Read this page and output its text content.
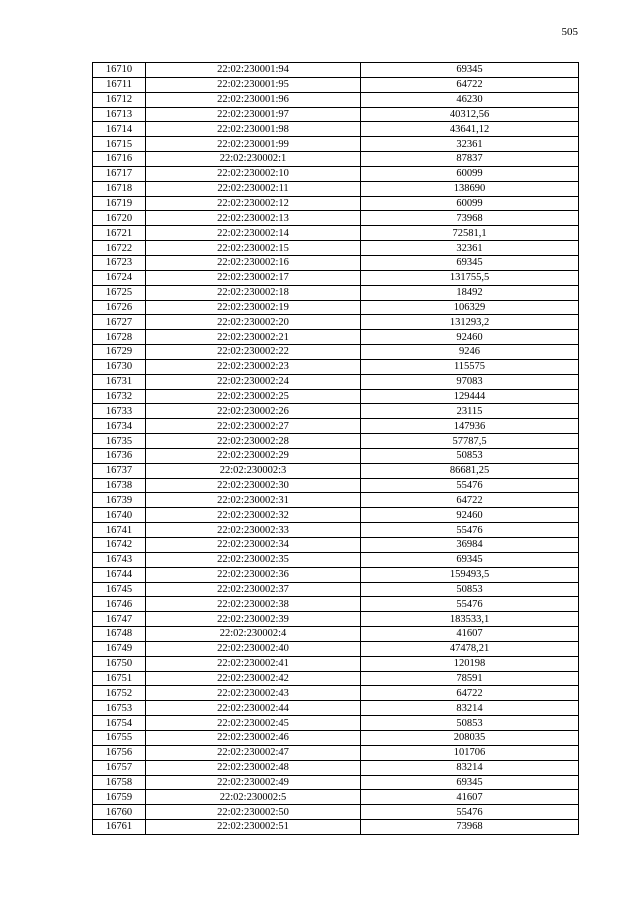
505
16710	22:02:230001:94	69345
16711	22:02:230001:95	64722
16712	22:02:230001:96	46230
16713	22:02:230001:97	40312,56
16714	22:02:230001:98	43641,12
16715	22:02:230001:99	32361
16716	22:02:230002:1	87837
16717	22:02:230002:10	60099
16718	22:02:230002:11	138690
16719	22:02:230002:12	60099
16720	22:02:230002:13	73968
16721	22:02:230002:14	72581,1
16722	22:02:230002:15	32361
16723	22:02:230002:16	69345
16724	22:02:230002:17	131755,5
16725	22:02:230002:18	18492
16726	22:02:230002:19	106329
16727	22:02:230002:20	131293,2
16728	22:02:230002:21	92460
16729	22:02:230002:22	9246
16730	22:02:230002:23	115575
16731	22:02:230002:24	97083
16732	22:02:230002:25	129444
16733	22:02:230002:26	23115
16734	22:02:230002:27	147936
16735	22:02:230002:28	57787,5
16736	22:02:230002:29	50853
16737	22:02:230002:3	86681,25
16738	22:02:230002:30	55476
16739	22:02:230002:31	64722
16740	22:02:230002:32	92460
16741	22:02:230002:33	55476
16742	22:02:230002:34	36984
16743	22:02:230002:35	69345
16744	22:02:230002:36	159493,5
16745	22:02:230002:37	50853
16746	22:02:230002:38	55476
16747	22:02:230002:39	183533,1
16748	22:02:230002:4	41607
16749	22:02:230002:40	47478,21
16750	22:02:230002:41	120198
16751	22:02:230002:42	78591
16752	22:02:230002:43	64722
16753	22:02:230002:44	83214
16754	22:02:230002:45	50853
16755	22:02:230002:46	208035
16756	22:02:230002:47	101706
16757	22:02:230002:48	83214
16758	22:02:230002:49	69345
16759	22:02:230002:5	41607
16760	22:02:230002:50	55476
16761	22:02:230002:51	73968
